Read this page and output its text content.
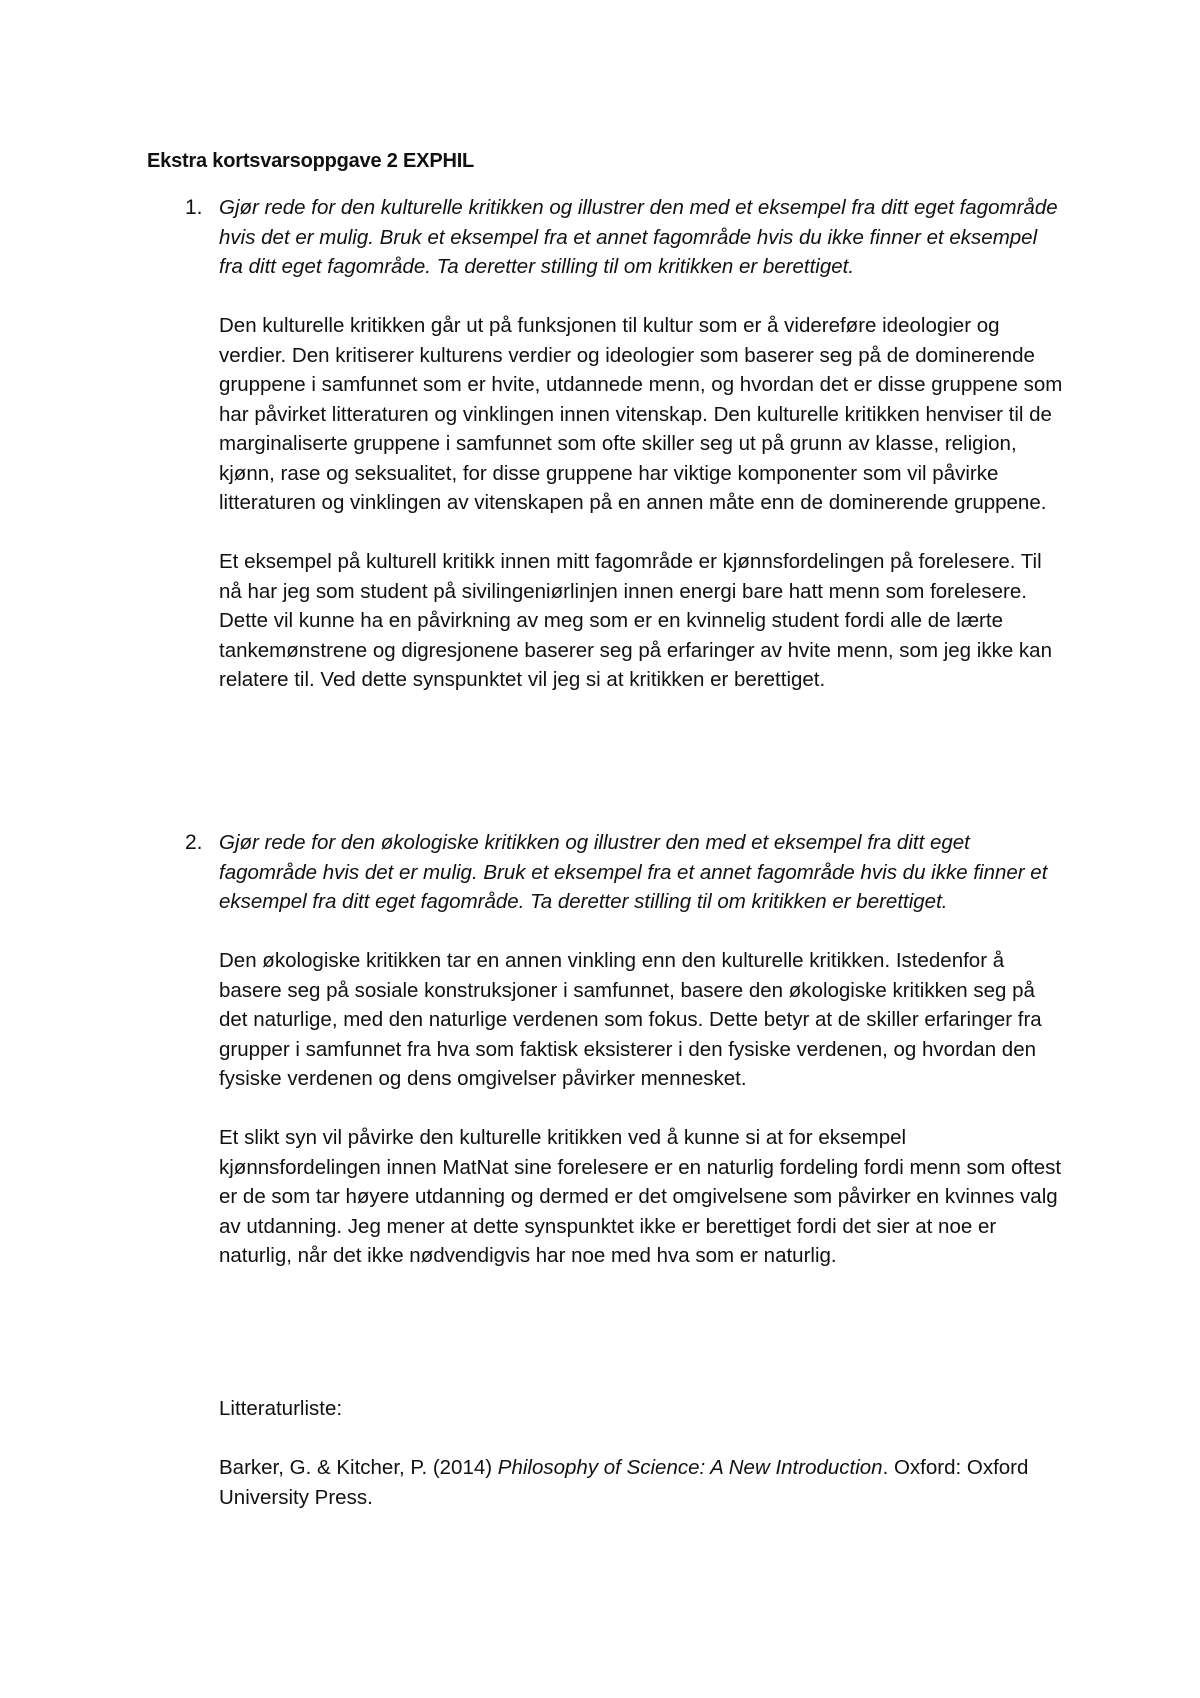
Ekstra kortsvarsoppgave 2 EXPHIL
1. Gjør rede for den kulturelle kritikken og illustrer den med et eksempel fra ditt eget fagområde hvis det er mulig. Bruk et eksempel fra et annet fagområde hvis du ikke finner et eksempel fra ditt eget fagområde. Ta deretter stilling til om kritikken er berettiget.

Den kulturelle kritikken går ut på funksjonen til kultur som er å videreføre ideologier og verdier. Den kritiserer kulturens verdier og ideologier som baserer seg på de dominerende gruppene i samfunnet som er hvite, utdannede menn, og hvordan det er disse gruppene som har påvirket litteraturen og vinklingen innen vitenskap. Den kulturelle kritikken henviser til de marginaliserte gruppene i samfunnet som ofte skiller seg ut på grunn av klasse, religion, kjønn, rase og seksualitet, for disse gruppene har viktige komponenter som vil påvirke litteraturen og vinklingen av vitenskapen på en annen måte enn de dominerende gruppene.

Et eksempel på kulturell kritikk innen mitt fagområde er kjønnsfordelingen på forelesere. Til nå har jeg som student på sivilingeniørlinjen innen energi bare hatt menn som forelesere. Dette vil kunne ha en påvirkning av meg som er en kvinnelig student fordi alle de lærte tankemønstrene og digresjonene baserer seg på erfaringer av hvite menn, som jeg ikke kan relatere til. Ved dette synspunktet vil jeg si at kritikken er berettiget.

2. Gjør rede for den økologiske kritikken og illustrer den med et eksempel fra ditt eget fagområde hvis det er mulig. Bruk et eksempel fra et annet fagområde hvis du ikke finner et eksempel fra ditt eget fagområde. Ta deretter stilling til om kritikken er berettiget.

Den økologiske kritikken tar en annen vinkling enn den kulturelle kritikken. Istedenfor å basere seg på sosiale konstruksjoner i samfunnet, basere den økologiske kritikken seg på det naturlige, med den naturlige verdenen som fokus. Dette betyr at de skiller erfaringer fra grupper i samfunnet fra hva som faktisk eksisterer i den fysiske verdenen, og hvordan den fysiske verdenen og dens omgivelser påvirker mennesket.

Et slikt syn vil påvirke den kulturelle kritikken ved å kunne si at for eksempel kjønnsfordelingen innen MatNat sine forelesere er en naturlig fordeling fordi menn som oftest er de som tar høyere utdanning og dermed er det omgivelsene som påvirker en kvinnes valg av utdanning. Jeg mener at dette synspunktet ikke er berettiget fordi det sier at noe er naturlig, når det ikke nødvendigvis har noe med hva som er naturlig.

Litteraturliste:

Barker, G. & Kitcher, P. (2014) Philosophy of Science: A New Introduction. Oxford: Oxford University Press.
